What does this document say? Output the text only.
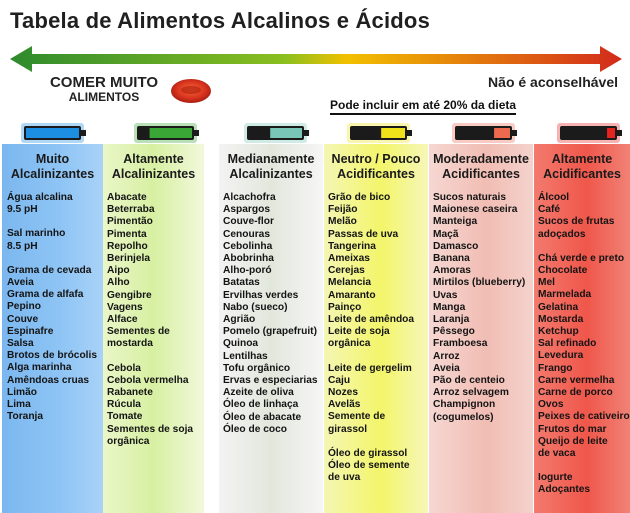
Tabela de Alimentos Alcalinos e Ácidos
COMER MUITO
ALIMENTOS
Não é aconselhável
Pode incluir em até 20% da dieta
Muito
Alcalinizantes
Água alcalina
9.5 pH
Sal marinho
8.5 pH
Grama de cevada
Aveia
Grama de alfafa
Pepino
Couve
Espinafre
Salsa
Brotos de brócolis
Alga marinha
Amêndoas cruas
Limão
Lima
Toranja
Altamente
Alcalinizantes
Abacate
Beterraba
Pimentão
Pimenta
Repolho
Berinjela
Aipo
Alho
Gengibre
Vagens
Alface
Sementes de
mostarda
Cebola
Cebola vermelha
Rabanete
Rúcula
Tomate
Sementes de soja
orgânica
Medianamente
Alcalinizantes
Alcachofra
Aspargos
Couve-flor
Cenouras
Cebolinha
Abobrinha
Alho-poró
Batatas
Ervilhas verdes
Nabo (sueco)
Agrião
Pomelo (grapefruit)
Quinoa
Lentilhas
Tofu orgânico
Ervas e especiarias
Azeite de oliva
Óleo de linhaça
Óleo de abacate
Óleo de coco
Neutro / Pouco
Acidificantes
Grão de bico
Feijão
Melão
Passas de uva
Tangerina
Ameixas
Cerejas
Melancia
Amaranto
Painço
Leite de amêndoa
Leite de soja
orgânica
Leite de gergelim
Caju
Nozes
Avelãs
Semente de
girassol
Óleo de girassol
Óleo de semente
de uva
Moderadamente
Acidificantes
Sucos naturais
Maionese caseira
Manteiga
Maçã
Damasco
Banana
Amoras
Mirtilos (blueberry)
Uvas
Manga
Laranja
Pêssego
Framboesa
Arroz
Aveia
Pão de centeio
Arroz selvagem
Champignon
(cogumelos)
Altamente
Acidificantes
Álcool
Café
Sucos de frutas
adoçados
Chá verde e preto
Chocolate
Mel
Marmelada
Gelatina
Mostarda
Ketchup
Sal refinado
Levedura
Frango
Carne vermelha
Carne de porco
Ovos
Peixes de cativeiro
Frutos do mar
Queijo de leite
de vaca
Iogurte
Adoçantes
